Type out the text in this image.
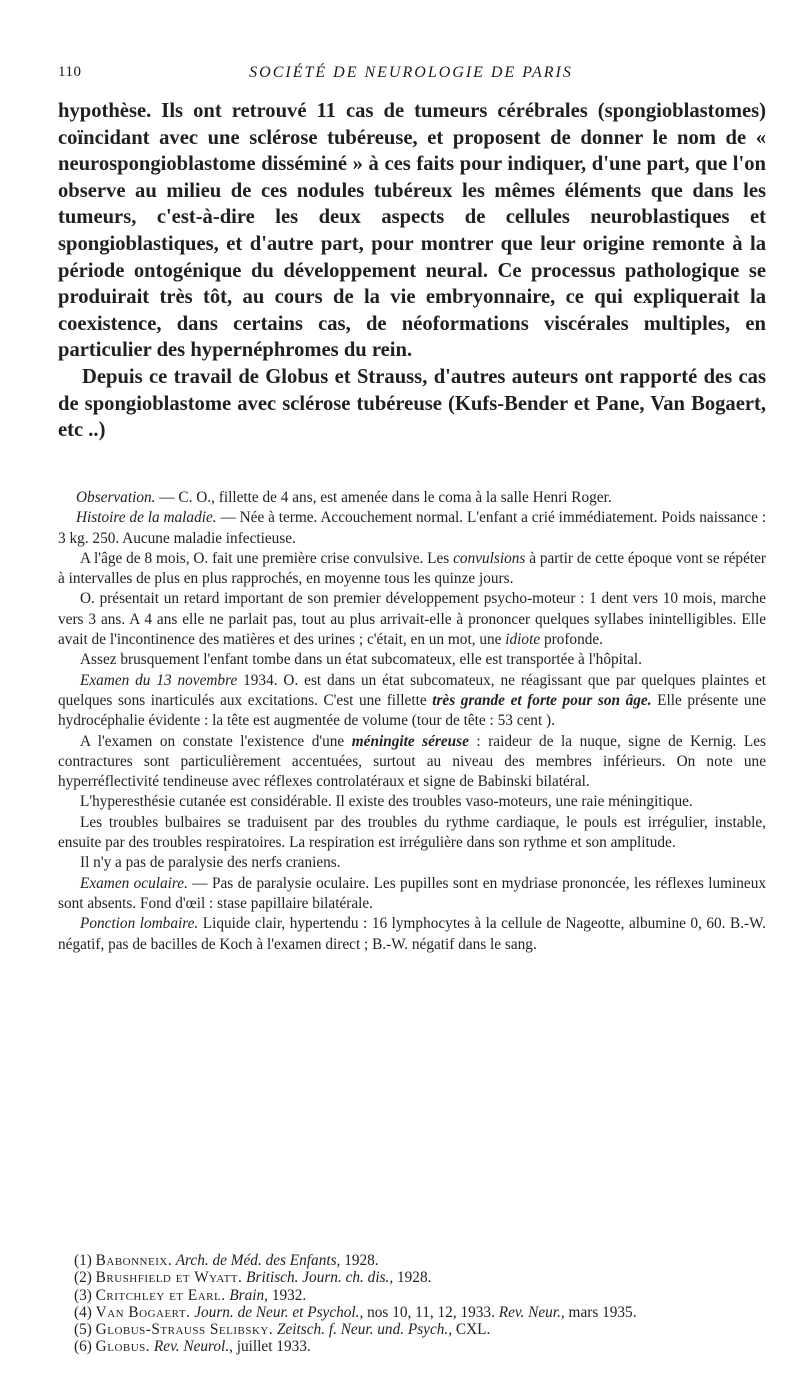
110	SOCIÉTÉ DE NEUROLOGIE DE PARIS

hypothèse. Ils ont retrouvé 11 cas de tumeurs cérébrales (spongioblastomes) coïncidant avec une sclérose tubéreuse, et proposent de donner le nom de « neurospongioblastome disséminé » à ces faits pour indiquer, d'une part, que l'on observe au milieu de ces nodules tubéreux les mêmes éléments que dans les tumeurs, c'est-à-dire les deux aspects de cellules neuroblastiques et spongioblastiques, et d'autre part, pour montrer que leur origine remonte à la période ontogénique du développement neural. Ce processus pathologique se produirait très tôt, au cours de la vie embryonnaire, ce qui expliquerait la coexistence, dans certains cas, de néoformations viscérales multiples, en particulier des hypernéphromes du rein.

Depuis ce travail de Globus et Strauss, d'autres auteurs ont rapporté des cas de spongioblastome avec sclérose tubéreuse (Kufs-Bender et Pane, Van Bogaert, etc ..)

Observation. — C. O., fillette de 4 ans, est amenée dans le coma à la salle Henri Roger.

Histoire de la maladie. — Née à terme. Accouchement normal. L'enfant a crié immédiatement. Poids naissance : 3 kg. 250. Aucune maladie infectieuse.

A l'âge de 8 mois, O. fait une première crise convulsive. Les convulsions à partir de cette époque vont se répéter à intervalles de plus en plus rapprochés, en moyenne tous les quinze jours.

O. présentait un retard important de son premier développement psycho-moteur : 1 dent vers 10 mois, marche vers 3 ans. A 4 ans elle ne parlait pas, tout au plus arrivait-elle à prononcer quelques syllabes inintelligibles. Elle avait de l'incontinence des matières et des urines ; c'était, en un mot, une idiote profonde.

Assez brusquement l'enfant tombe dans un état subcomateux, elle est transportée à l'hôpital.

Examen du 13 novembre 1934. O. est dans un état subcomateux, ne réagissant que par quelques plaintes et quelques sons inarticulés aux excitations. C'est une fillette très grande et forte pour son âge. Elle présente une hydrocéphalie évidente : la tête est augmentée de volume (tour de tête : 53 cent ).

A l'examen on constate l'existence d'une méningite séreuse : raideur de la nuque, signe de Kernig. Les contractures sont particulièrement accentuées, surtout au niveau des membres inférieurs. On note une hyperréflectivité tendineuse avec réflexes controlatéraux et signe de Babinski bilatéral.

L'hyperesthésie cutanée est considérable. Il existe des troubles vaso-moteurs, une raie méningitique.

Les troubles bulbaires se traduisent par des troubles du rythme cardiaque, le pouls est irrégulier, instable, ensuite par des troubles respiratoires. La respiration est irrégulière dans son rythme et son amplitude.

Il n'y a pas de paralysie des nerfs craniens.

Examen oculaire. — Pas de paralysie oculaire. Les pupilles sont en mydriase prononcée, les réflexes lumineux sont absents. Fond d'œil : stase papillaire bilatérale.

Ponction lombaire. Liquide clair, hypertendu : 16 lymphocytes à la cellule de Nageotte, albumine 0, 60. B.-W. négatif, pas de bacilles de Koch à l'examen direct ; B.-W. négatif dans le sang.

(1) Babonneix. Arch. de Méd. des Enfants, 1928.

(2) Brushfield et Wyatt. Britisch. Journ. ch. dis., 1928.

(3) Critchley et Earl. Brain, 1932.

(4) Van Bogaert. Journ. de Neur. et Psychol., nos 10, 11, 12, 1933. Rev. Neur., mars 1935.

(5) Globus-Strauss Selibsky. Zeitsch. f. Neur. und. Psych., CXL.

(6) Globus. Rev. Neurol., juillet 1933.
